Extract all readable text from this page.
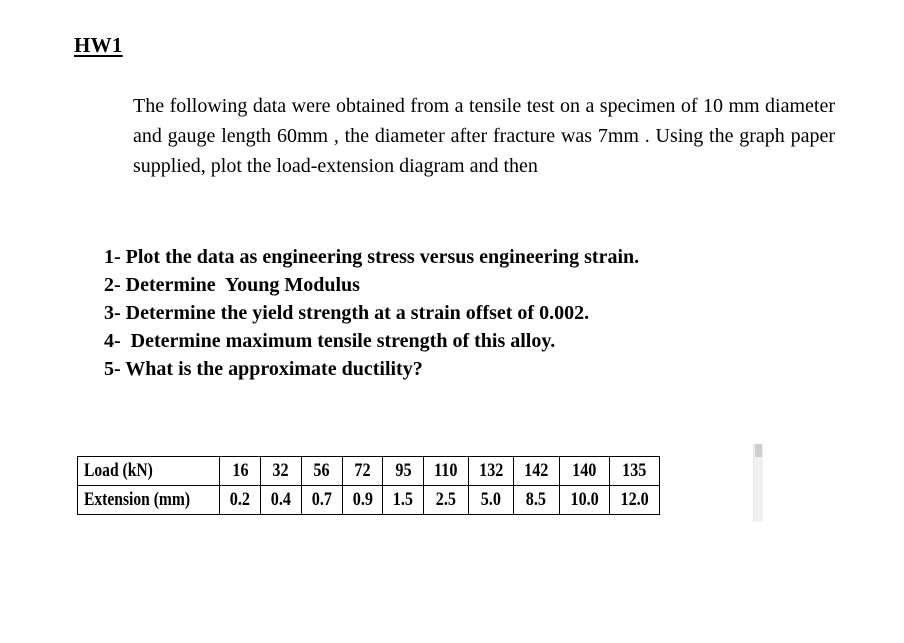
HW1

The following data were obtained from a tensile test on a specimen of 10 mm diameter and gauge length 60mm , the diameter after fracture was 7mm . Using the graph paper supplied, plot the load-extension diagram and then

1- Plot the data as engineering stress versus engineering strain.
2- Determine  Young Modulus
3- Determine the yield strength at a strain offset of 0.002.
4-  Determine maximum tensile strength of this alloy.
5- What is the approximate ductility?
Load (kN)	16	32	56	72	95	110	132	142	140	135
Extension (mm)	0.2	0.4	0.7	0.9	1.5	2.5	5.0	8.5	10.0	12.0
